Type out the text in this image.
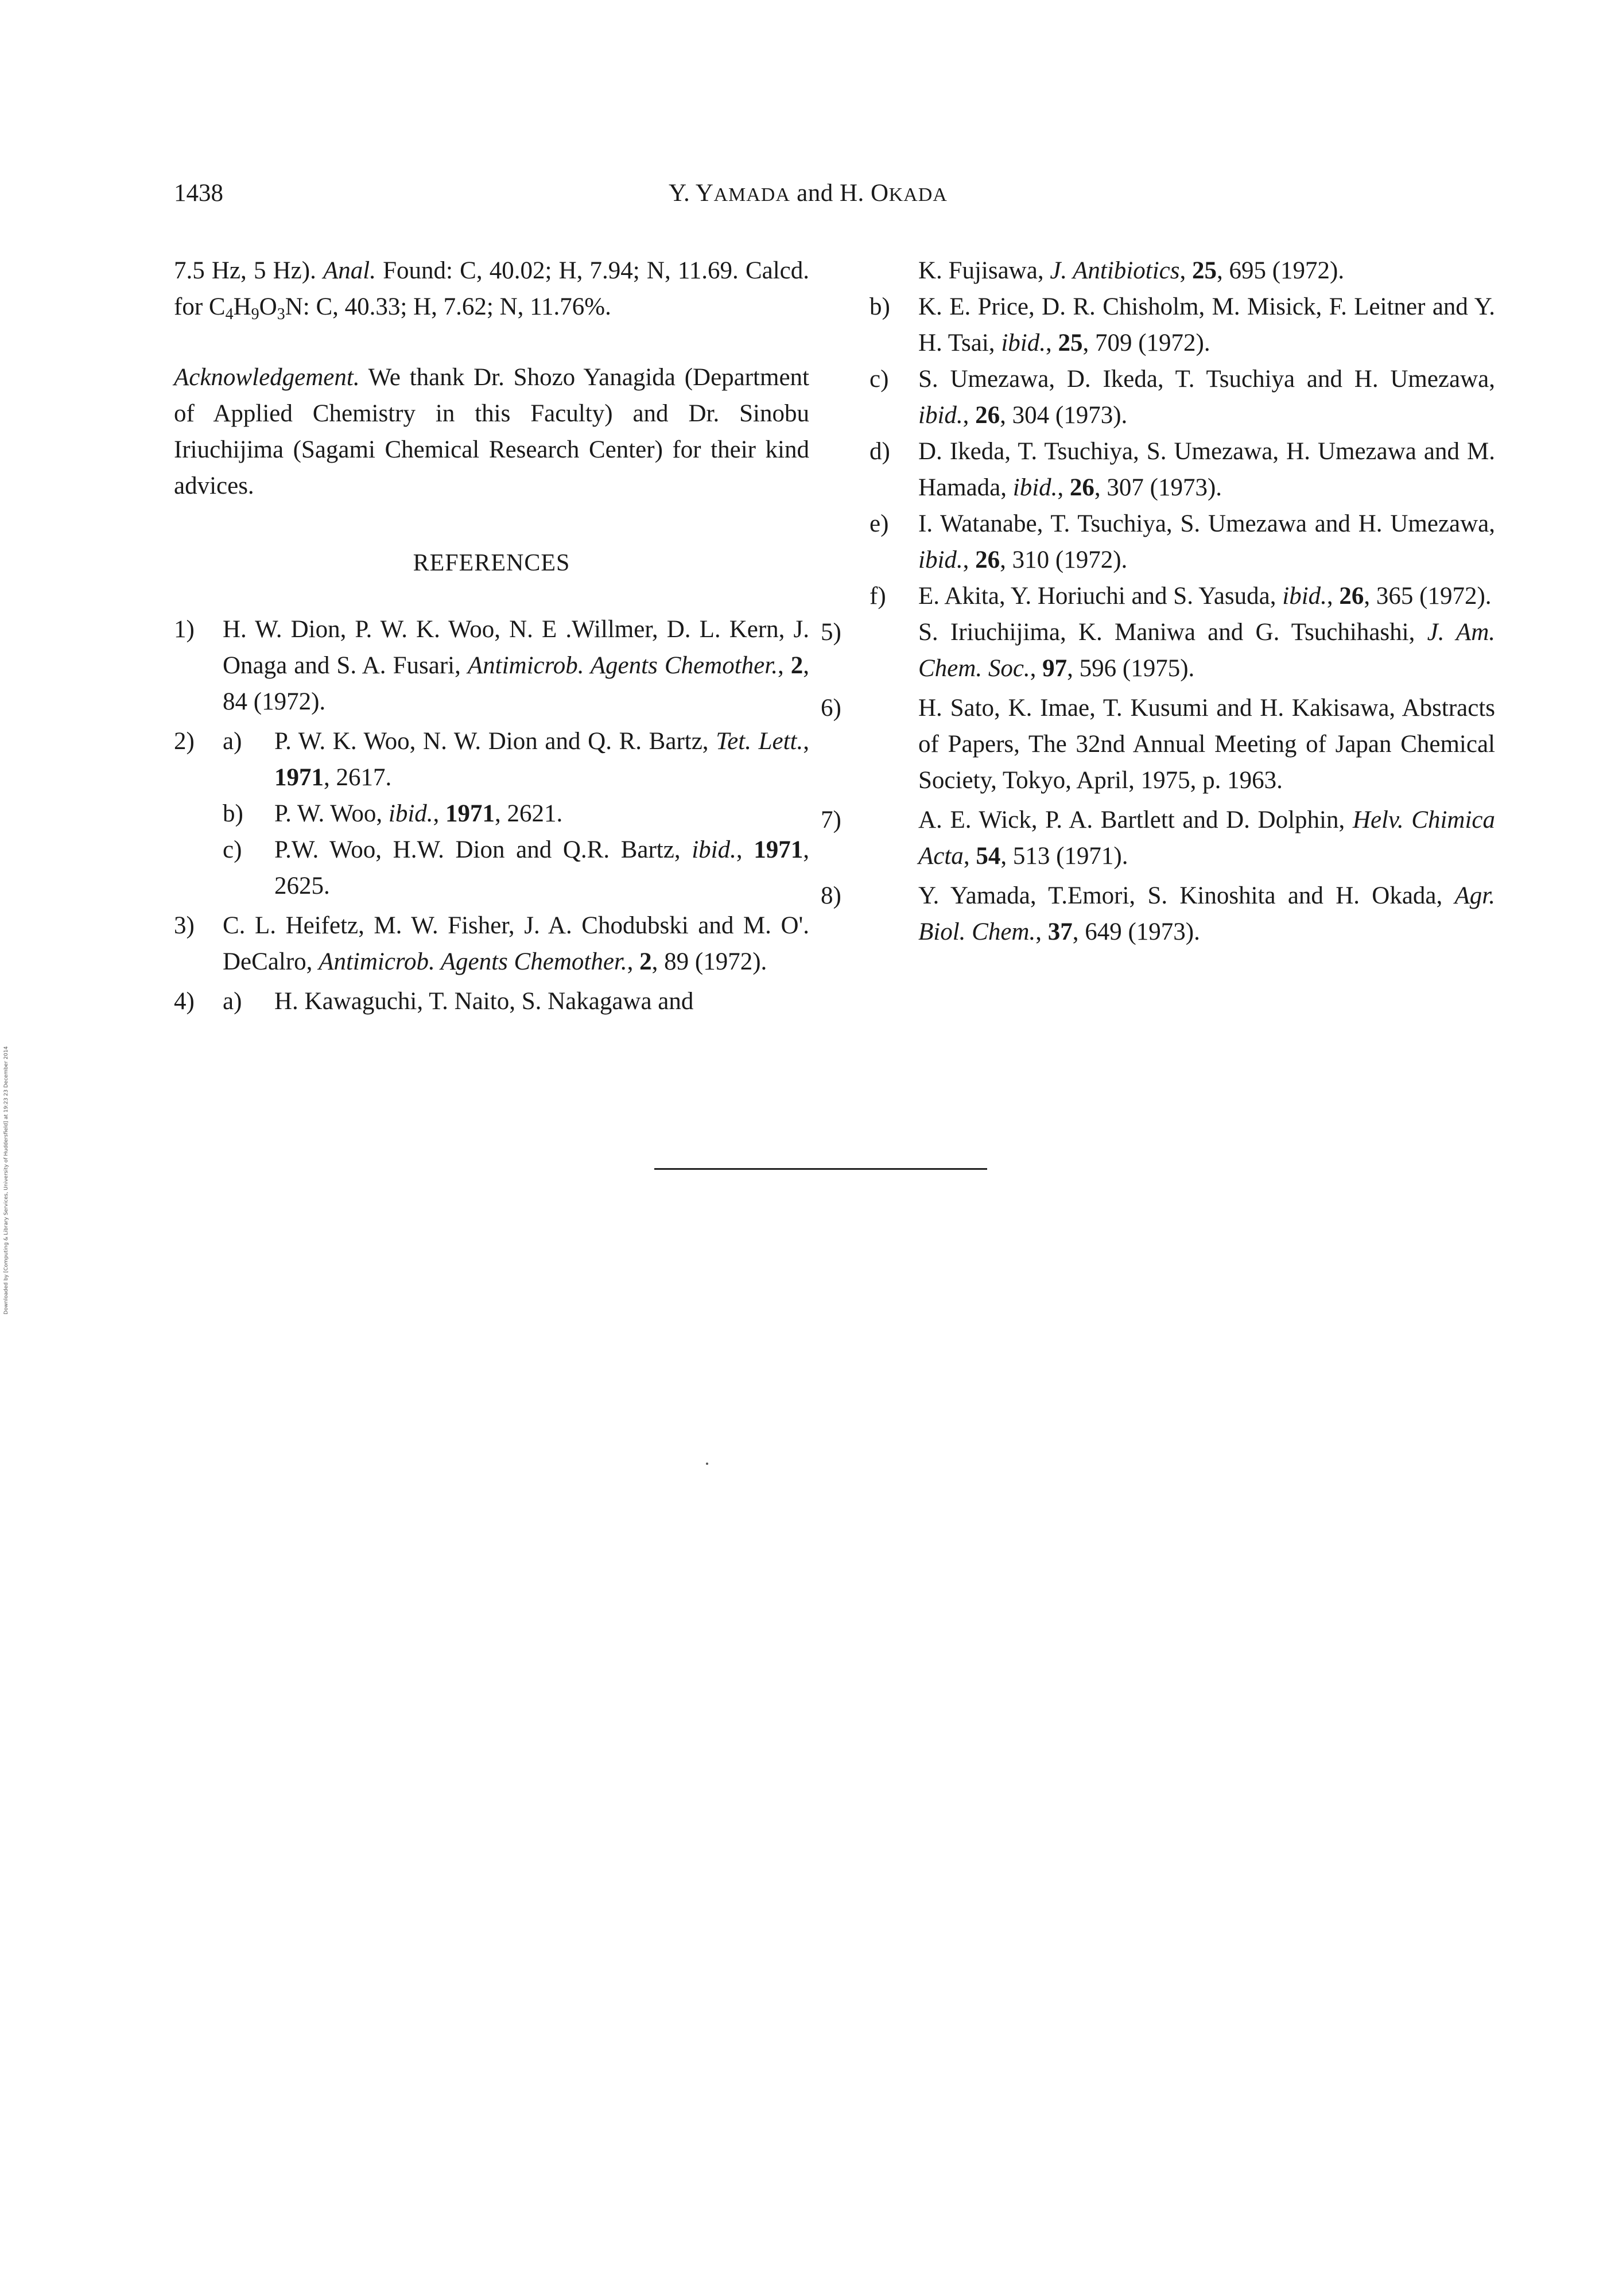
1438	Y. YAMADA and H. OKADA

7.5 Hz, 5 Hz). Anal. Found: C, 40.02; H, 7.94; N, 11.69. Calcd. for $C_4H_9O_3N$: C, 40.33; H, 7.62; N, 11.76%.

Acknowledgement. We thank Dr. Shozo Yanagida (Department of Applied Chemistry in this Faculty) and Dr. Sinobu Iriuchijima (Sagami Chemical Research Center) for their kind advices.

REFERENCES
1) H. W. Dion, P. W. K. Woo, N. E .Willmer, D. L. Kern, J. Onaga and S. A. Fusari, Antimicrob. Agents Chemother., 2, 84 (1972).
2) a) P. W. K. Woo, N. W. Dion and Q. R. Bartz, Tet. Lett., 1971, 2617.
b) P. W. Woo, ibid., 1971, 2621.
c) P.W. Woo, H.W. Dion and Q.R. Bartz, ibid., 1971, 2625.
3) C. L. Heifetz, M. W. Fisher, J. A. Chodubski and M. O'. DeCalro, Antimicrob. Agents Chemother., 2, 89 (1972).
4) a) H. Kawaguchi, T. Naito, S. Nakagawa and
K. Fujisawa, J. Antibiotics, 25, 695 (1972).
b) K. E. Price, D. R. Chisholm, M. Misick, F. Leitner and Y. H. Tsai, ibid., 25, 709 (1972).
c) S. Umezawa, D. Ikeda, T. Tsuchiya and H. Umezawa, ibid., 26, 304 (1973).
d) D. Ikeda, T. Tsuchiya, S. Umezawa, H. Umezawa and M. Hamada, ibid., 26, 307 (1973).
e) I. Watanabe, T. Tsuchiya, S. Umezawa and H. Umezawa, ibid., 26, 310 (1972).
f) E. Akita, Y. Horiuchi and S. Yasuda, ibid., 26, 365 (1972).
5)	S. Iriuchijima, K. Maniwa and G. Tsuchihashi, J. Am. Chem. Soc., 97, 596 (1975).
6)	H. Sato, K. Imae, T. Kusumi and H. Kakisawa, Abstracts of Papers, The 32nd Annual Meeting of Japan Chemical Society, Tokyo, April, 1975, p. 1963.
7)	A. E. Wick, P. A. Bartlett and D. Dolphin, Helv. Chimica Acta, 54, 513 (1971).
8)	Y. Yamada, T.Emori, S. Kinoshita and H. Okada, Agr. Biol. Chem., 37, 649 (1973).
Downloaded by [Computing & Library Services, University of Huddersfield] at 19:23 23 December 2014
